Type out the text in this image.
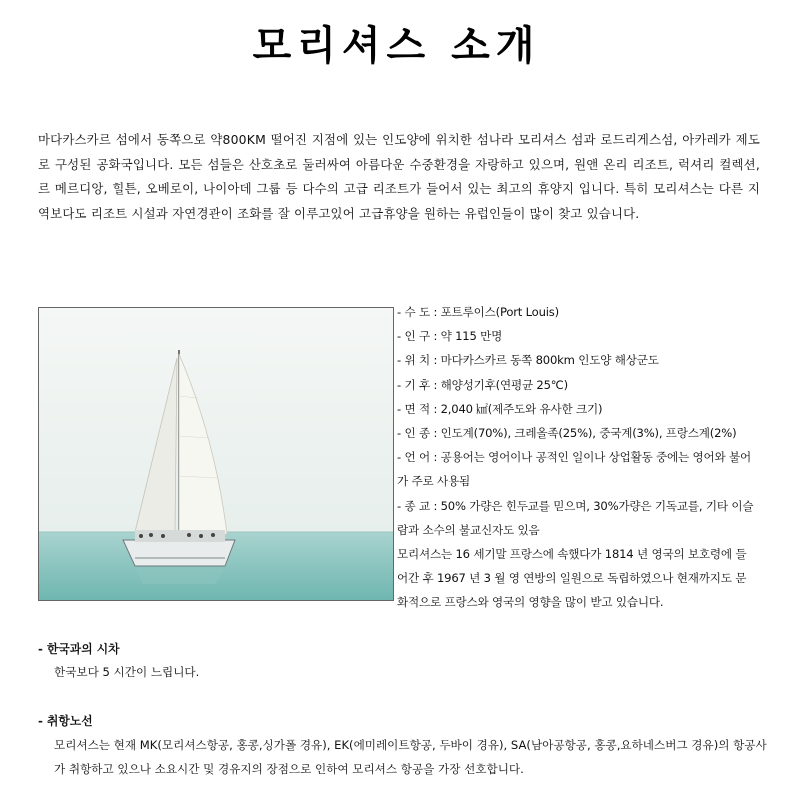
모리셔스 소개
마다카스카르 섬에서 동쪽으로 약800KM 떨어진 지점에 있는 인도양에 위치한 섬나라 모리셔스 섬과 로드리게스섬, 아카레카 제도로 구성된 공화국입니다. 모든 섬들은 산호초로 둘러싸여 아름다운 수중환경을 자랑하고 있으며, 원앤 온리 리조트, 럭셔리 컬렉션, 르 메르디앙, 힐튼, 오베로이, 나이아데 그룹 등 다수의 고급 리조트가 들어서 있는 최고의 휴양지 입니다. 특히 모리셔스는 다른 지역보다도 리조트 시설과 자연경관이 조화를 잘 이루고있어 고급휴양을 원하는 유럽인들이 많이 찾고 있습니다.

- 수 도 : 포트루이스(Port Louis)

- 인 구 : 약 115 만명

- 위 치 : 마다카스카르 동쪽 800km 인도양 해상군도

- 기 후 : 해양성기후(연평균 25℃)

- 면 적 : 2,040 ㎢(제주도와 유사한 크기)

- 인 종 : 인도계(70%), 크레올족(25%), 중국계(3%), 프랑스계(2%)

- 언 어 : 공용어는 영어이나 공적인 일이나 상업활동 중에는 영어와 불어가 주로 사용됨

- 종 교 : 50% 가량은 힌두교를 믿으며, 30%가량은 기독교를, 기타 이슬람과 소수의 불교신자도 있음

모리셔스는 16 세기말 프랑스에 속했다가 1814 년 영국의 보호령에 들어간 후 1967 년 3 월 영 연방의 일원으로 독립하였으나 현재까지도 문화적으로 프랑스와 영국의 영향을 많이 받고 있습니다.

- 한국과의 시차
한국보다 5 시간이 느립니다.
- 취항노선
모리셔스는 현재 MK(모리셔스항공, 홍콩,싱가폴 경유), EK(에미레이트항공, 두바이 경유), SA(남아공항공, 홍콩,요하네스버그 경유)의 항공사가 취항하고 있으나 소요시간 및 경유지의 장점으로 인하여 모리셔스 항공을 가장 선호합니다.
